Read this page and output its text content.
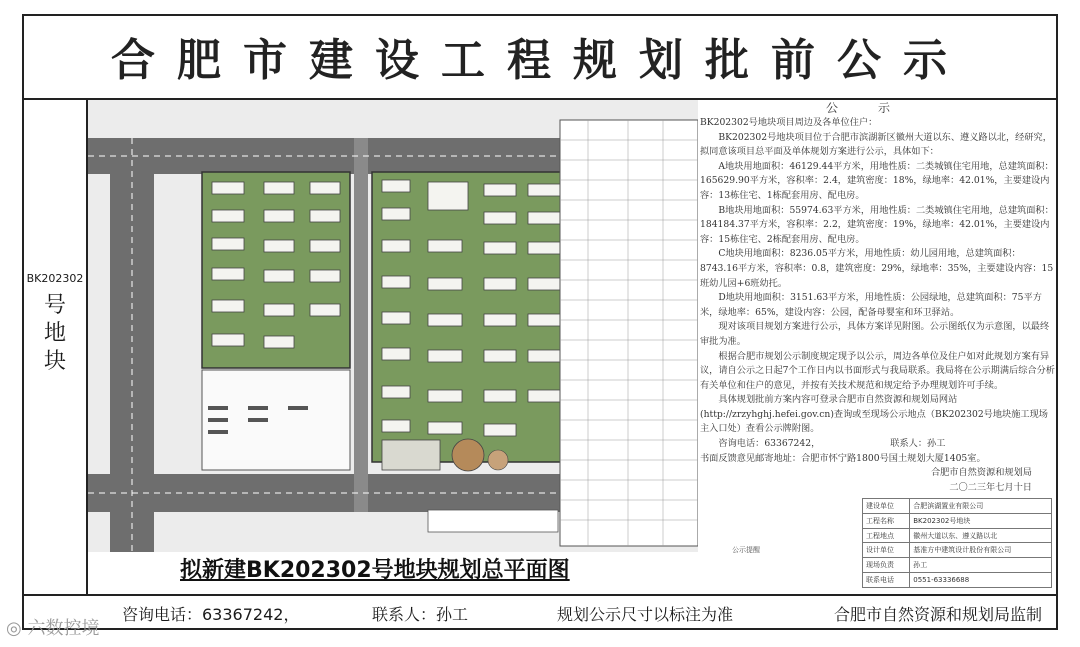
合肥市建设工程规划批前公示
BK202302
号
地
块
拟新建BK202302号地块规划总平面图
公示

BK202302号地块项目周边及各单位住户：

BK202302号地块项目位于合肥市滨湖新区徽州大道以东、遵义路以北，经研究，拟同意该项目总平面及单体规划方案进行公示，具体如下：

A地块用地面积：46129.44平方米，用地性质：二类城镇住宅用地，总建筑面积：165629.90平方米，容积率：2.4，建筑密度：18%，绿地率：42.01%，主要建设内容：13栋住宅、1栋配套用房、配电房。

B地块用地面积：55974.63平方米，用地性质：二类城镇住宅用地，总建筑面积：184184.37平方米，容积率：2.2，建筑密度：19%，绿地率：42.01%，主要建设内容：15栋住宅、2栋配套用房、配电房。

C地块用地面积：8236.05平方米，用地性质：幼儿园用地，总建筑面积：8743.16平方米，容积率：0.8，建筑密度：29%，绿地率：35%，主要建设内容：15班幼儿园+6班幼托。

D地块用地面积：3151.63平方米，用地性质：公园绿地，总建筑面积：75平方米，绿地率：65%，建设内容：公园，配备母婴室和环卫驿站。

现对该项目规划方案进行公示，具体方案详见附图。公示图纸仅为示意图，以最终审批为准。

根据合肥市规划公示制度规定现予以公示，周边各单位及住户如对此规划方案有异议，请自公示之日起7个工作日内以书面形式与我局联系。我局将在公示期满后综合分析有关单位和住户的意见，并按有关技术规范和规定给予办理规划许可手续。

具体规划批前方案内容可登录合肥市自然资源和规划局网站(http://zrzyhghj.hefei.gov.cn)查询或至现场公示地点（BK202302号地块施工现场主入口处）查看公示牌附图。

咨询电话：63367242，	联系人：孙工

书面反馈意见邮寄地址：合肥市怀宁路1800号国土规划大厦1405室。

合肥市自然资源和规划局

二〇二三年七月十日

公示提醒
建设单位	合肥滨湖置业有限公司
工程名称	BK202302号地块
工程地点	徽州大道以东、遵义路以北
设计单位	基准方中建筑设计股份有限公司
现场负责	孙工
联系电话	0551-63336688
咨询电话：63367242，	联系人：孙工	规划公示尺寸以标注为准	合肥市自然资源和规划局监制
◎ 六数控境
